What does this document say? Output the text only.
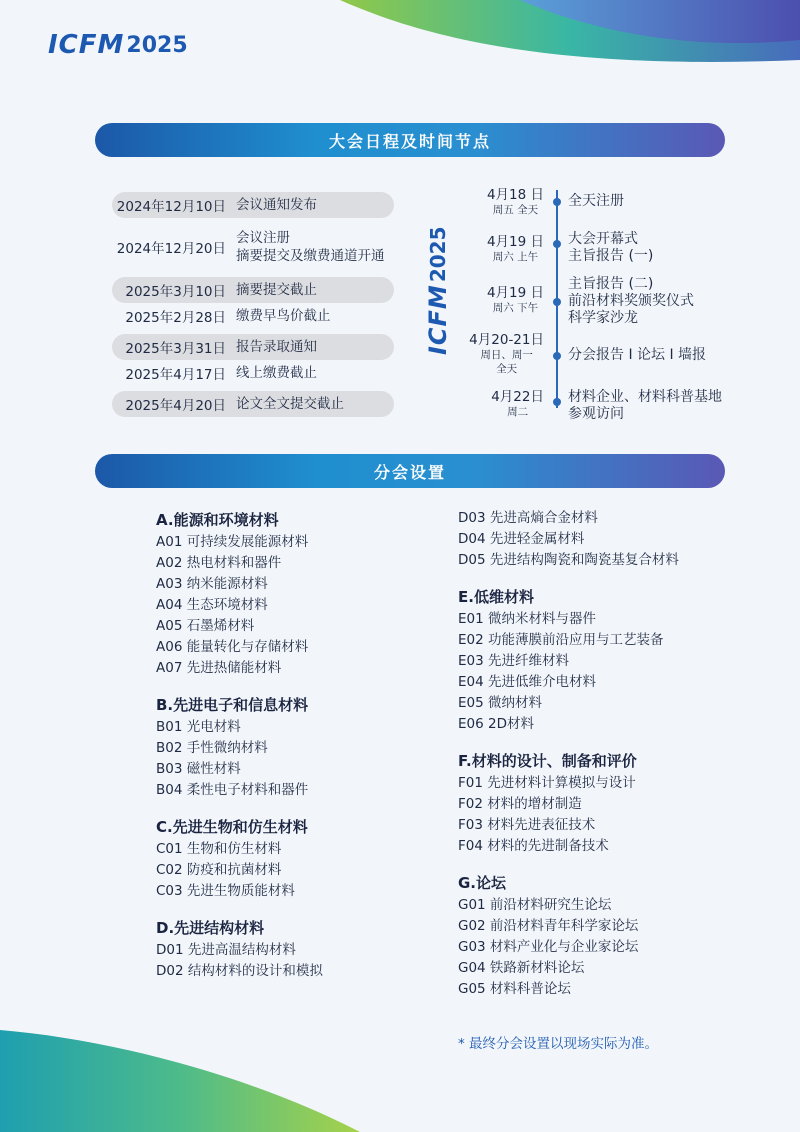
ICFM 2025
大会日程及时间节点
2024年12月10日 会议通知发布
2024年12月20日
会议注册
摘要提交及缴费通道开通
2025年3月10日 摘要提交截止
2025年2月28日 缴费早鸟价截止
2025年3月31日 报告录取通知
2025年4月17日 线上缴费截止
2025年4月20日 论文全文提交截止
ICFM
2025
4月18 日
周五 全天
全天注册
4月19 日
周六 上午
大会开幕式
主旨报告 (一)
4月19 日
周六 下午
主旨报告 (二)
前沿材料奖颁奖仪式
科学家沙龙
4月20-21日
周日、周一
全天
分会报告 I 论坛 I 墙报
4月22日
周二
材料企业、材料科普基地
参观访问
分会设置
A.能源和环境材料
A01 可持续发展能源材料
A02 热电材料和器件
A03 纳米能源材料
A04 生态环境材料
A05 石墨烯材料
A06 能量转化与存储材料
A07 先进热储能材料
B.先进电子和信息材料
B01 光电材料
B02 手性微纳材料
B03 磁性材料
B04 柔性电子材料和器件
C.先进生物和仿生材料
C01 生物和仿生材料
C02 防疫和抗菌材料
C03 先进生物质能材料
D.先进结构材料
D01 先进高温结构材料
D02 结构材料的设计和模拟
D03 先进高熵合金材料
D04 先进轻金属材料
D05 先进结构陶瓷和陶瓷基复合材料
E.低维材料
E01 微纳米材料与器件
E02 功能薄膜前沿应用与工艺装备
E03 先进纤维材料
E04 先进低维介电材料
E05 微纳材料
E06 2D材料
F.材料的设计、制备和评价
F01 先进材料计算模拟与设计
F02 材料的增材制造
F03 材料先进表征技术
F04 材料的先进制备技术
G.论坛
G01 前沿材料研究生论坛
G02 前沿材料青年科学家论坛
G03 材料产业化与企业家论坛
G04 铁路新材料论坛
G05 材料科普论坛
* 最终分会设置以现场实际为准。
